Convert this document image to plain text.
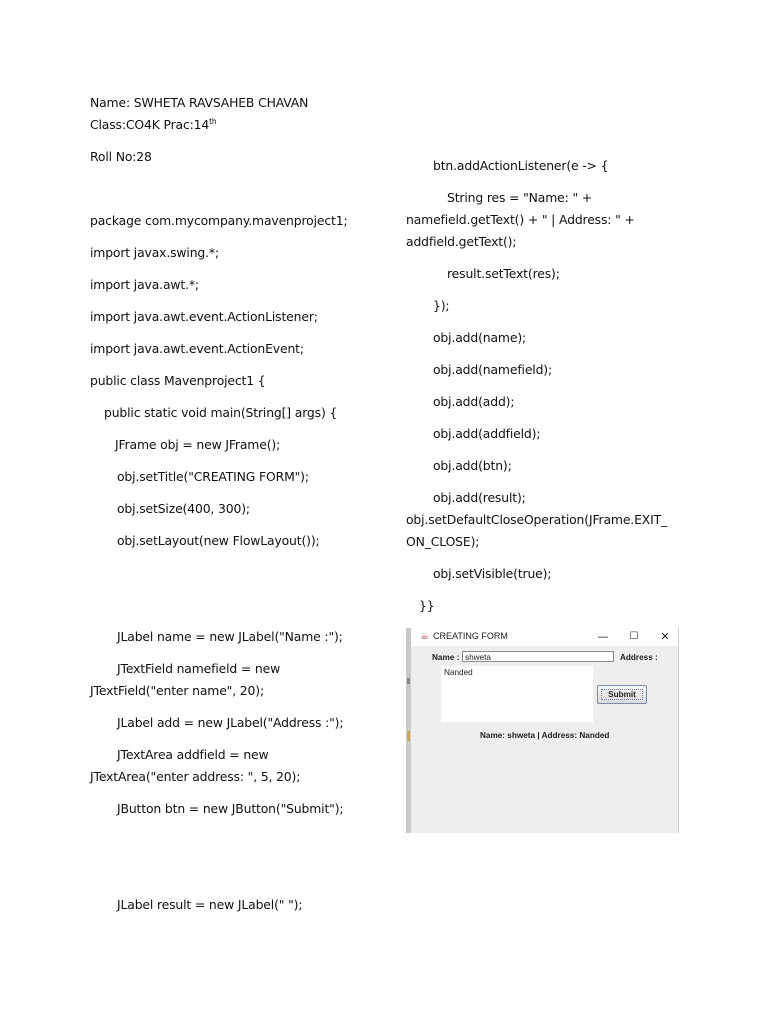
Name: SWHETA RAVSAHEB CHAVAN
Class:CO4K Prac:14th
Roll No:28
package com.mycompany.mavenproject1;
import javax.swing.*;
import java.awt.*;
import java.awt.event.ActionListener;
import java.awt.event.ActionEvent;
public class Mavenproject1 {
public static void main(String[] args) {
JFrame obj = new JFrame();
obj.setTitle("CREATING FORM");
obj.setSize(400, 300);
obj.setLayout(new FlowLayout());
JLabel name = new JLabel("Name :");
JTextField namefield = new
JTextField("enter name", 20);
JLabel add = new JLabel("Address :");
JTextArea addfield = new
JTextArea("enter address: ", 5, 20);
JButton btn = new JButton("Submit");
JLabel result = new JLabel(" ");
btn.addActionListener(e -> {
String res = "Name: " +
namefield.getText() + " | Address: " +
addfield.getText();
result.setText(res);
});
obj.add(name);
obj.add(namefield);
obj.add(add);
obj.add(addfield);
obj.add(btn);
obj.add(result);
obj.setDefaultCloseOperation(JFrame.EXIT_
ON_CLOSE);
obj.setVisible(true);
}}
☕ CREATING FORM	—	☐	✕
Name : shweta	Address :
Nanded
Submit
Name: shweta | Address: Nanded
